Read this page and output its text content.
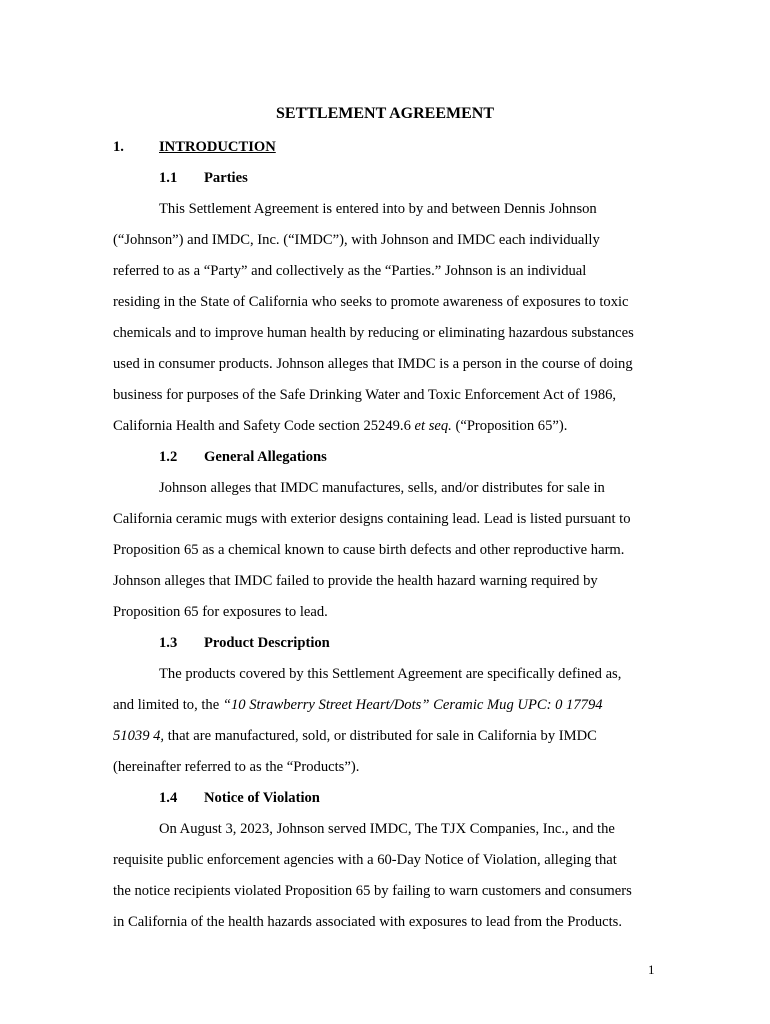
SETTLEMENT AGREEMENT
1. INTRODUCTION
1.1 Parties
This Settlement Agreement is entered into by and between Dennis Johnson
(“Johnson”) and IMDC, Inc. (“IMDC”), with Johnson and IMDC each individually
referred to as a “Party” and collectively as the “Parties.” Johnson is an individual
residing in the State of California who seeks to promote awareness of exposures to toxic
chemicals and to improve human health by reducing or eliminating hazardous substances
used in consumer products. Johnson alleges that IMDC is a person in the course of doing
business for purposes of the Safe Drinking Water and Toxic Enforcement Act of 1986,
California Health and Safety Code section 25249.6 et seq. (“Proposition 65”).
1.2 General Allegations
Johnson alleges that IMDC manufactures, sells, and/or distributes for sale in
California ceramic mugs with exterior designs containing lead. Lead is listed pursuant to
Proposition 65 as a chemical known to cause birth defects and other reproductive harm.
Johnson alleges that IMDC failed to provide the health hazard warning required by
Proposition 65 for exposures to lead.
1.3 Product Description
The products covered by this Settlement Agreement are specifically defined as,
and limited to, the “10 Strawberry Street Heart/Dots” Ceramic Mug UPC: 0 17794
51039 4, that are manufactured, sold, or distributed for sale in California by IMDC
(hereinafter referred to as the “Products”).
1.4 Notice of Violation
On August 3, 2023, Johnson served IMDC, The TJX Companies, Inc., and the
requisite public enforcement agencies with a 60-Day Notice of Violation, alleging that
the notice recipients violated Proposition 65 by failing to warn customers and consumers
in California of the health hazards associated with exposures to lead from the Products.
1
